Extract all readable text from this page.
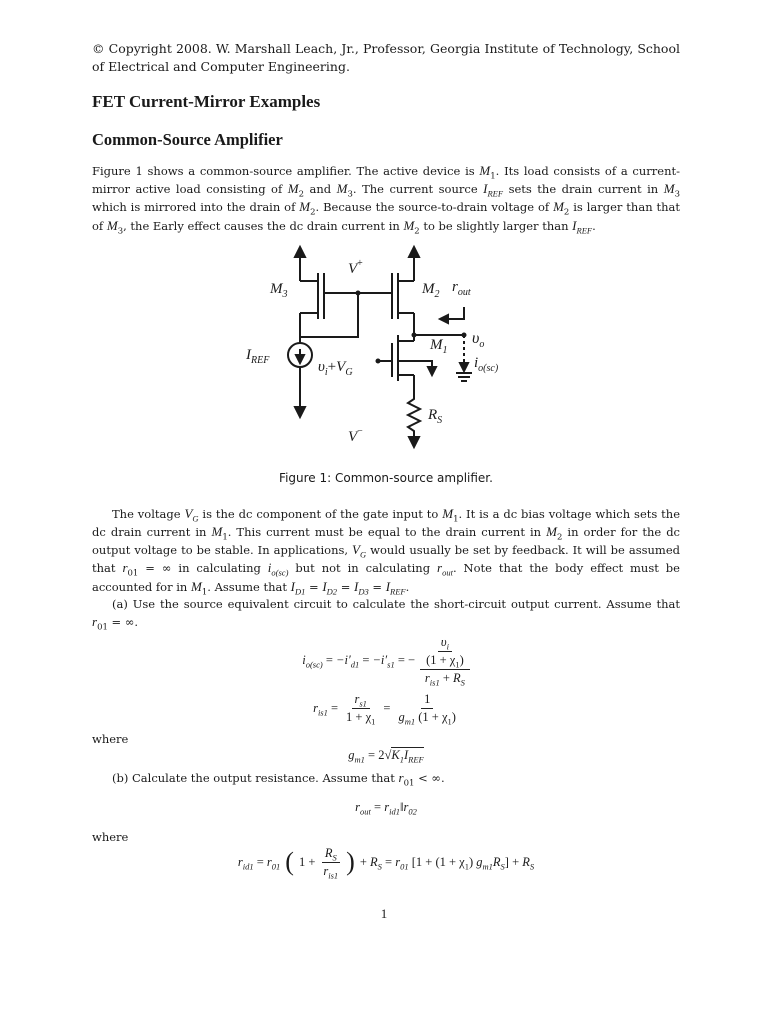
© Copyright 2008. W. Marshall Leach, Jr., Professor, Georgia Institute of Technology, School of Electrical and Computer Engineering.

FET Current-Mirror Examples
Common-Source Amplifier

Figure 1 shows a common-source amplifier. The active device is $M_1$. Its load consists of a current-mirror active load consisting of $M_2$ and $M_3$. The current source $I_{REF}$ sets the drain current in $M_3$ which is mirrored into the drain of $M_2$. Because the source-to-drain voltage of $M_2$ is larger than that of $M_3$, the Early effect causes the dc drain current in $M_2$ to be slightly larger than $I_{REF}$.

V+
$M_3$	$M_2$ $r_{out}$
$\upsilon_o$
$M_1$
$i_{o(sc)}$
$I_{REF}$	$\upsilon_i+V_G$
$R_S$
V−
Figure 1: Common-source amplifier.

The voltage $V_G$ is the dc component of the gate input to $M_1$. It is a dc bias voltage which sets the dc drain current in $M_1$. This current must be equal to the drain current in $M_2$ in order for the dc output voltage to be stable. In applications, $V_G$ would usually be set by feedback. It will be assumed that $r_{01}$ = ∞ in calculating $i_{o(sc)}$ but not in calculating $r_{out}$. Note that the body effect must be accounted for in $M_1$. Assume that $I_{D1} = I_{D2} = I_{D3} = I_{REF}$.

(a) Use the source equivalent circuit to calculate the short-circuit output current. Assume that $r_{01}$ = ∞.

$i_{o(sc)} = -i'_{d1} = -i'_{s1}$ = − $\frac{\frac{\upsilon_i}{(1 + \chi_1)}}{r_{is1} + R_S}$
$r_{is1} = \frac{r_{s1}}{1 + \chi_1} = \frac{1}{g_{m1} (1 + \chi_1)}$

where

$g_{m1} = 2√K_1I_{REF}$

(b) Calculate the output resistance. Assume that $r_{01}$ < ∞.

$r_{out}$ = $r_{id1}‖r_{02}$

where

$r_{id1} = r_{01}$ ( $1 + \frac{R_S}{r_{is1}}$ ) + $R_S = r_{01}$ [$1 + (1 + \chi_1)$ $g_{m1}R_S] + R_S$
1
